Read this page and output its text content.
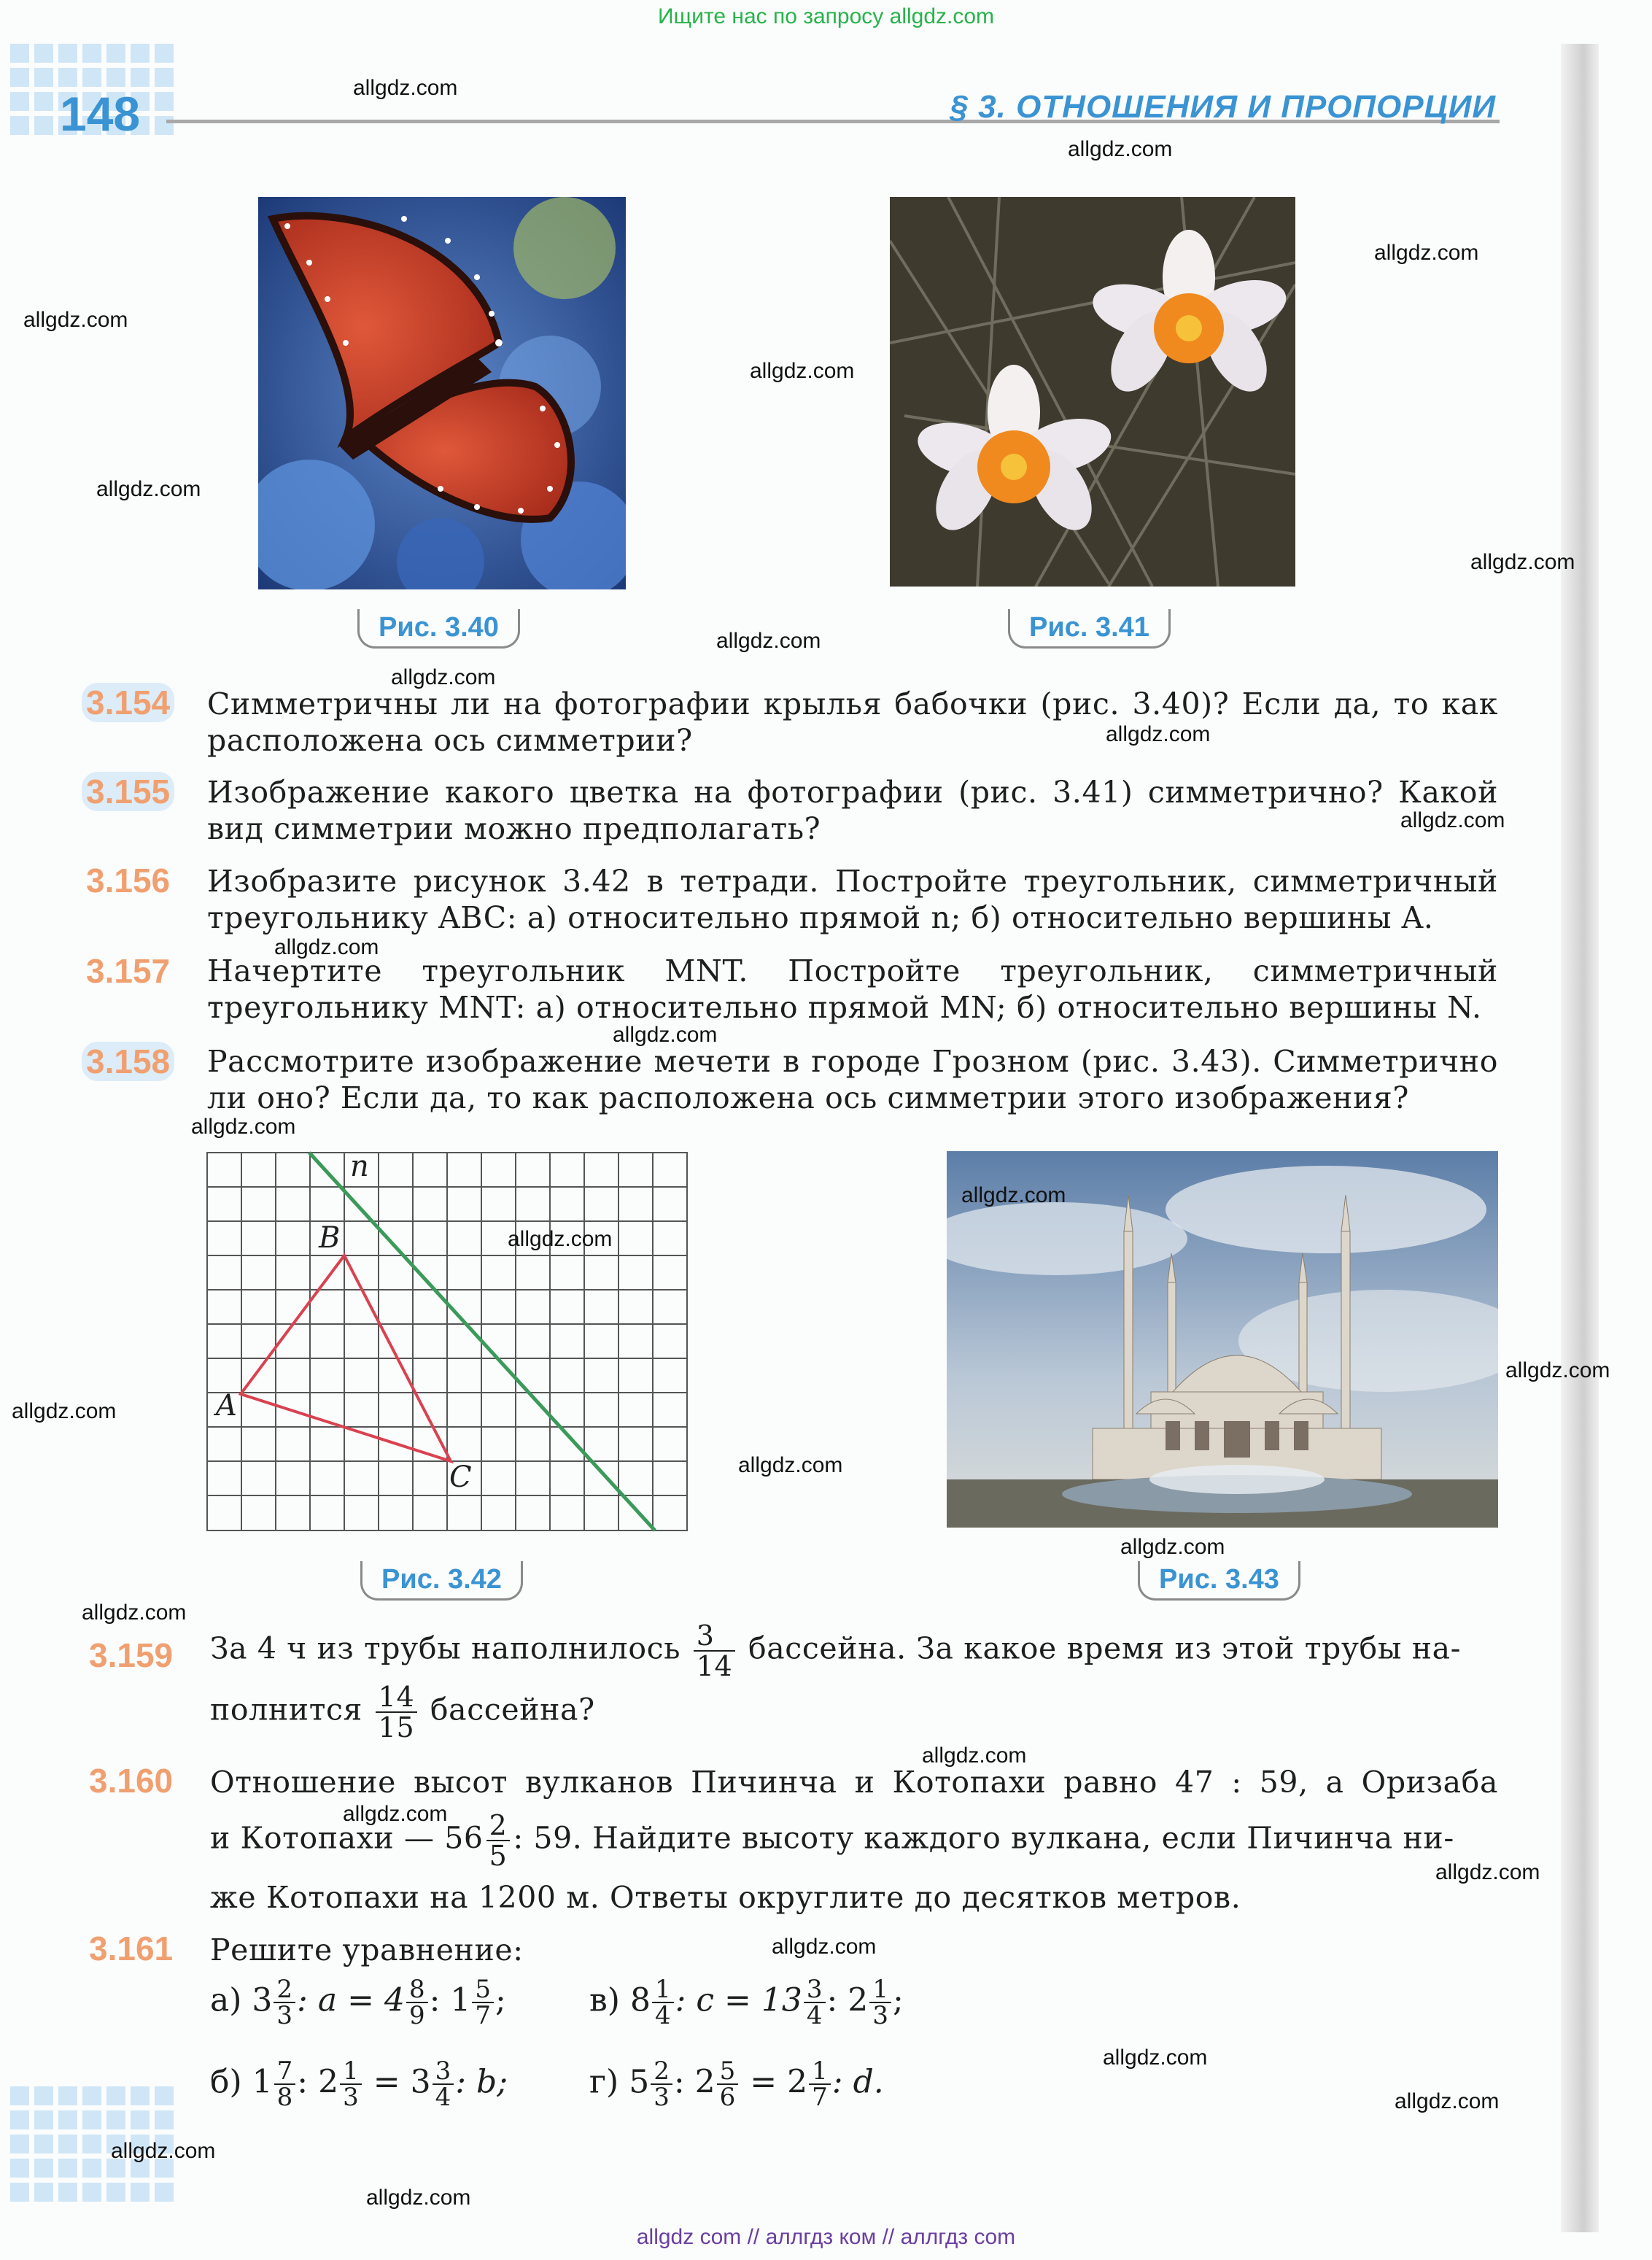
Ищите нас по запросу allgdz.com
allgdz com // аллгдз ком // аллгдз com
148	§ 3. ОТНОШЕНИЯ И ПРОПОРЦИИ
Рис. 3.40	Рис. 3.41
3.154 Симметричны ли на фотографии крылья бабочки (рис. 3.40)? Если да, то как расположена ось симметрии?
3.155 Изображение какого цветка на фотографии (рис. 3.41) симметрично? Какой вид симметрии можно предполагать?
3.156 Изобразите рисунок 3.42 в тетради. Постройте треугольник, симметричный треугольнику ABC: а) относительно прямой n; б) относительно вершины A.
3.157 Начертите треугольник MNT. Постройте треугольник, симметричный треугольнику MNT: а) относительно прямой MN; б) относительно вершины N.
3.158 Рассмотрите изображение мечети в городе Грозном (рис. 3.43). Симметрично ли оно? Если да, то как расположена ось симметрии этого изображения?
n
B
A
C
Рис. 3.42	Рис. 3.43
3.159 За 4 ч из трубы наполнилось $\frac{3}{14}$ бассейна. За какое время из этой трубы на-
полнится $\frac{14}{15}$ бассейна?
3.160 Отношение высот вулканов Пичинча и Котопахи равно 47 : 59, а Оризаба
и Котопахи — $56 \frac{2}{5}$ : 59. Найдите высоту каждого вулкана, если Пичинча ни-
же Котопахи на 1200 м. Ответы округлите до десятков метров.
3.161 Решите уравнение:
а) $3 \frac{2}{3}$ : $a = 4 \frac{8}{9}$ : $1 \frac{5}{7}$ ;	в) $8 \frac{1}{4}$ : $c = 13 \frac{3}{4}$ : $2 \frac{1}{3}$ ;
б) $1 \frac{7}{8}$ : $2 \frac{1}{3} = 3 \frac{3}{4}$ : b;	г) $5 \frac{2}{3}$ : $2 \frac{5}{6} = 2 \frac{1}{7}$ : d.
allgdz.com
allgdz.com
allgdz.com
allgdz.com
allgdz.com
allgdz.com
allgdz.com
allgdz.com
allgdz.com
allgdz.com
allgdz.com
allgdz.com
allgdz.com
allgdz.com
allgdz.com
allgdz.com
allgdz.com
allgdz.com
allgdz.com
allgdz.com
allgdz.com
allgdz.com
allgdz.com
allgdz.com
allgdz.com
allgdz.com
allgdz.com
allgdz.com
allgdz.com
